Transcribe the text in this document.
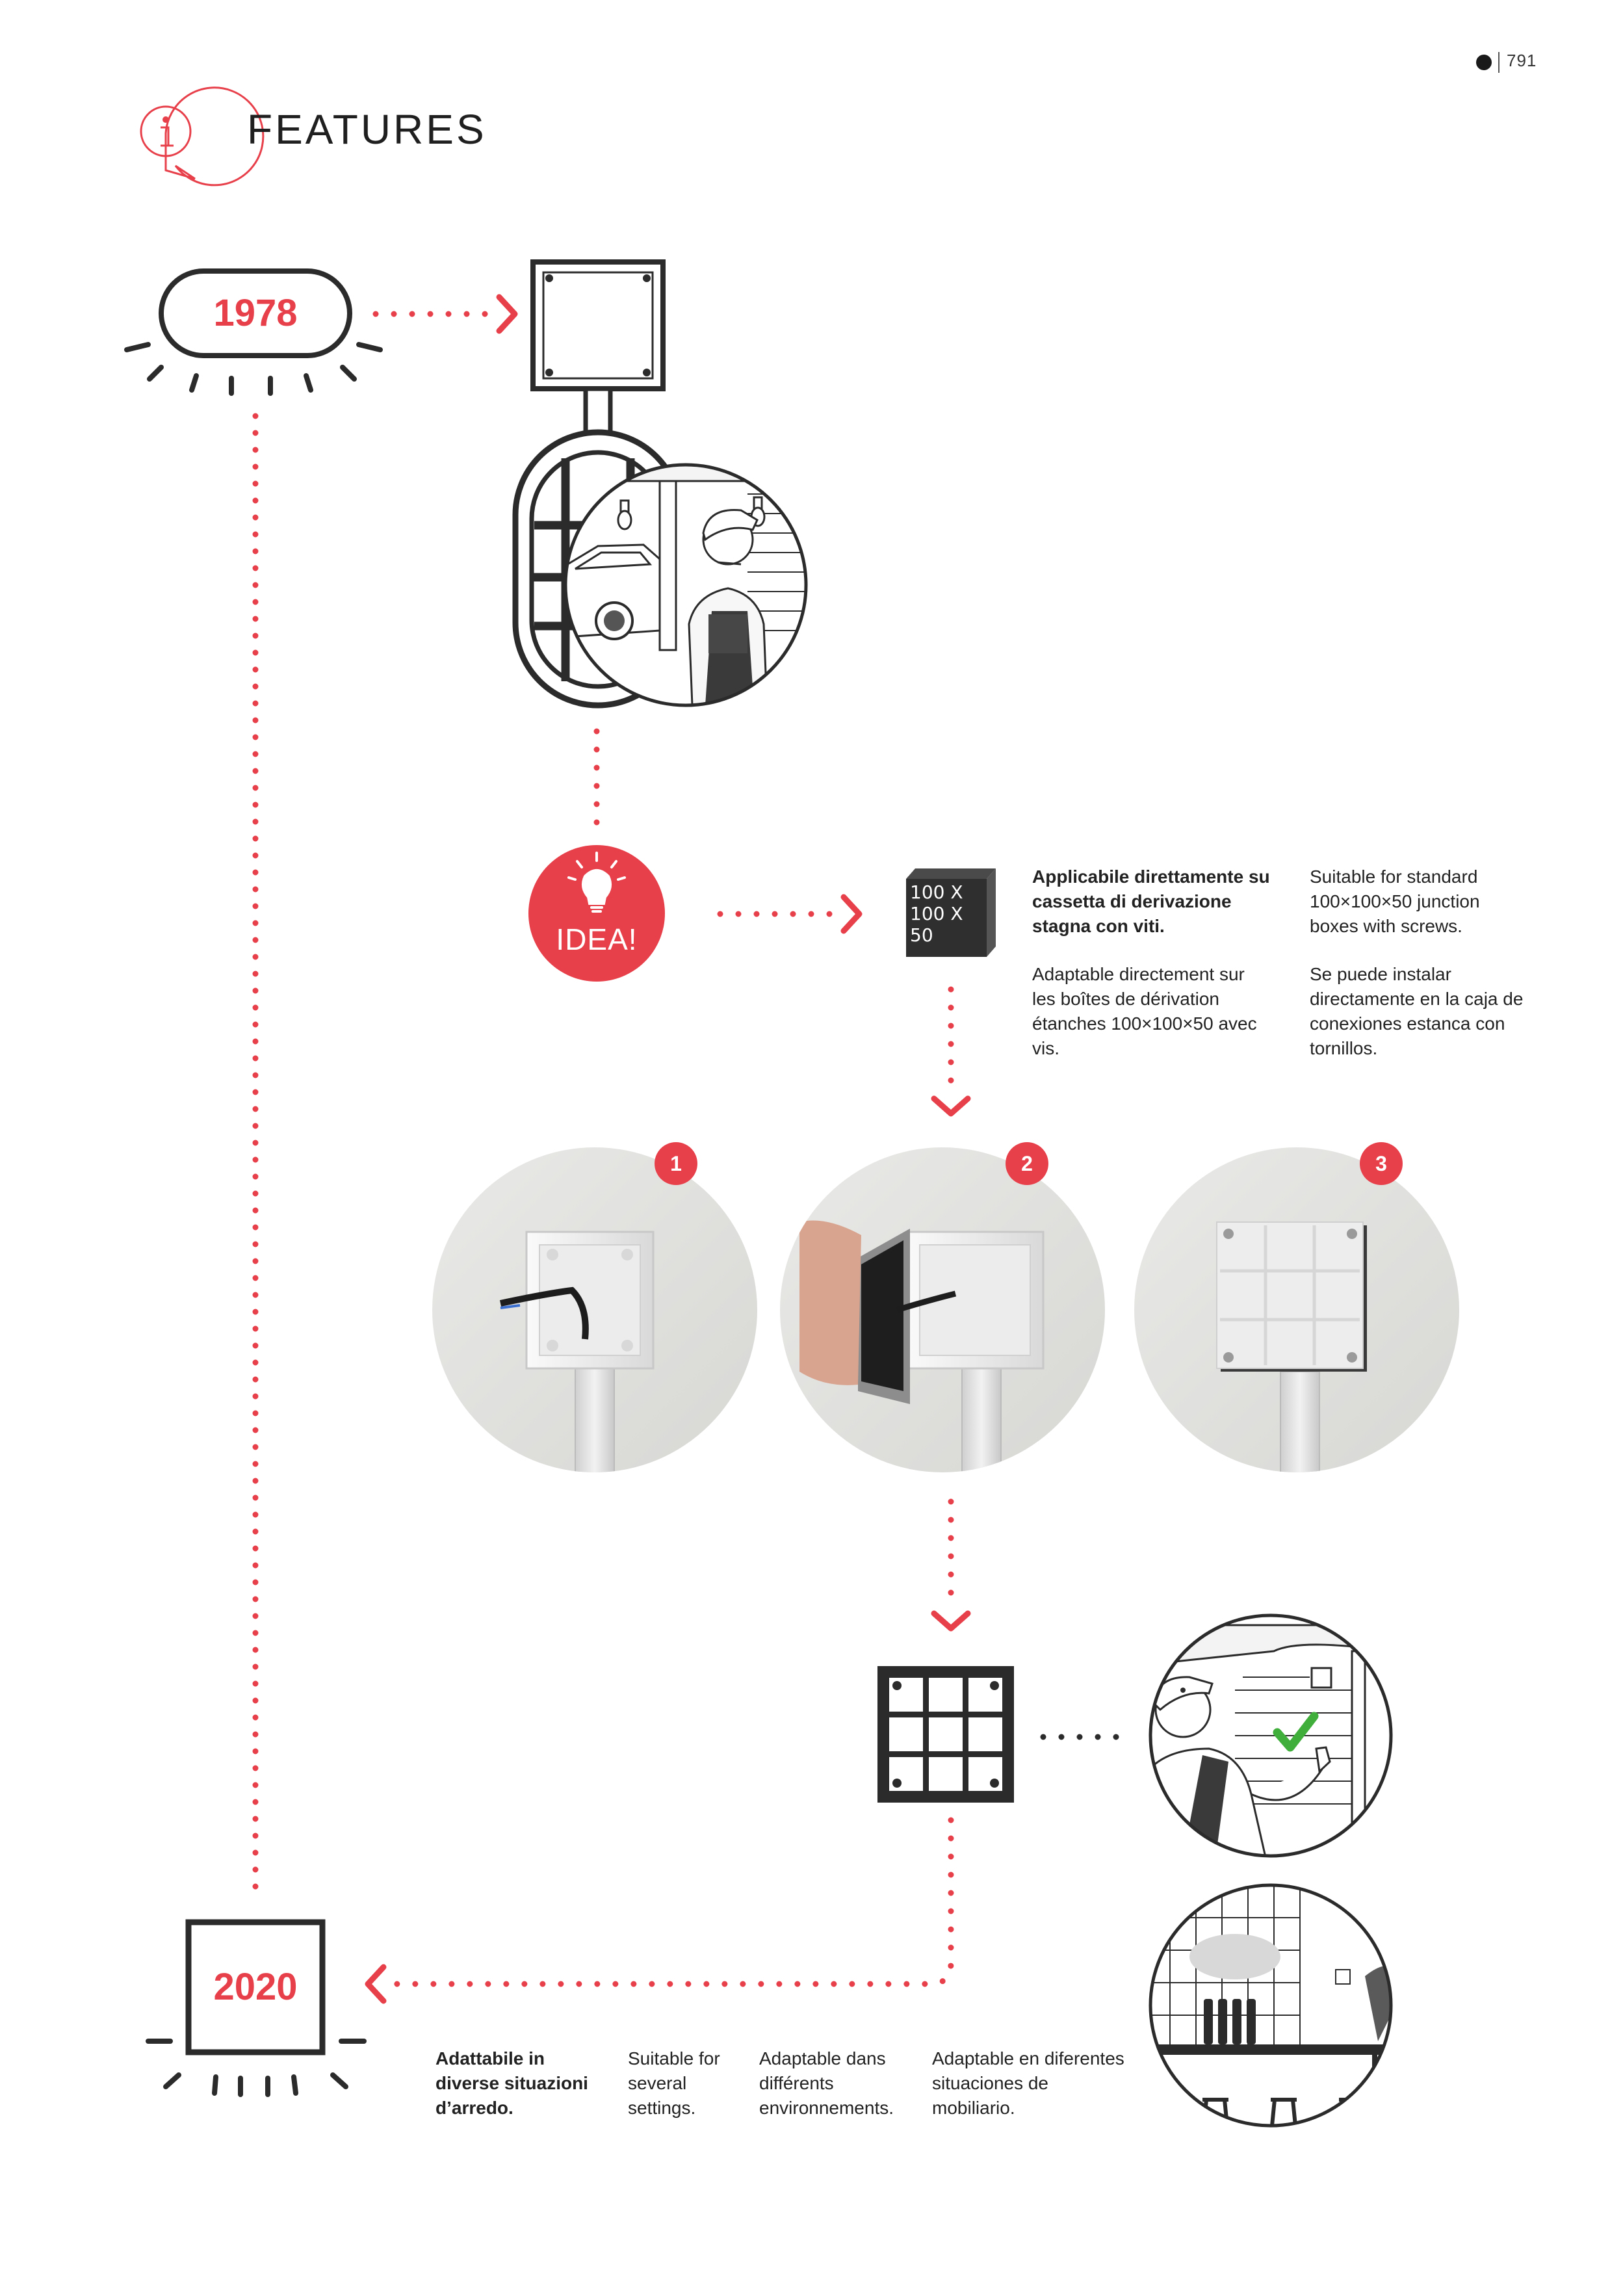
791
FEATURES
1978
2020
IDEA!
100 X
100 X
50
Applicabile direttamente su cassetta di derivazione stagna con viti.
Suitable for standard 100×100×50 junction boxes with screws.
Adaptable directement sur les boîtes de dérivation étanches 100×100×50 avec vis.
Se puede instalar directamente en la caja de conexiones estanca con tornillos.
1	2	3
Adattabile in diverse situazioni d’arredo.
Suitable for several settings.
Adaptable dans différents environnements.
Adaptable en diferentes situaciones de mobiliario.
